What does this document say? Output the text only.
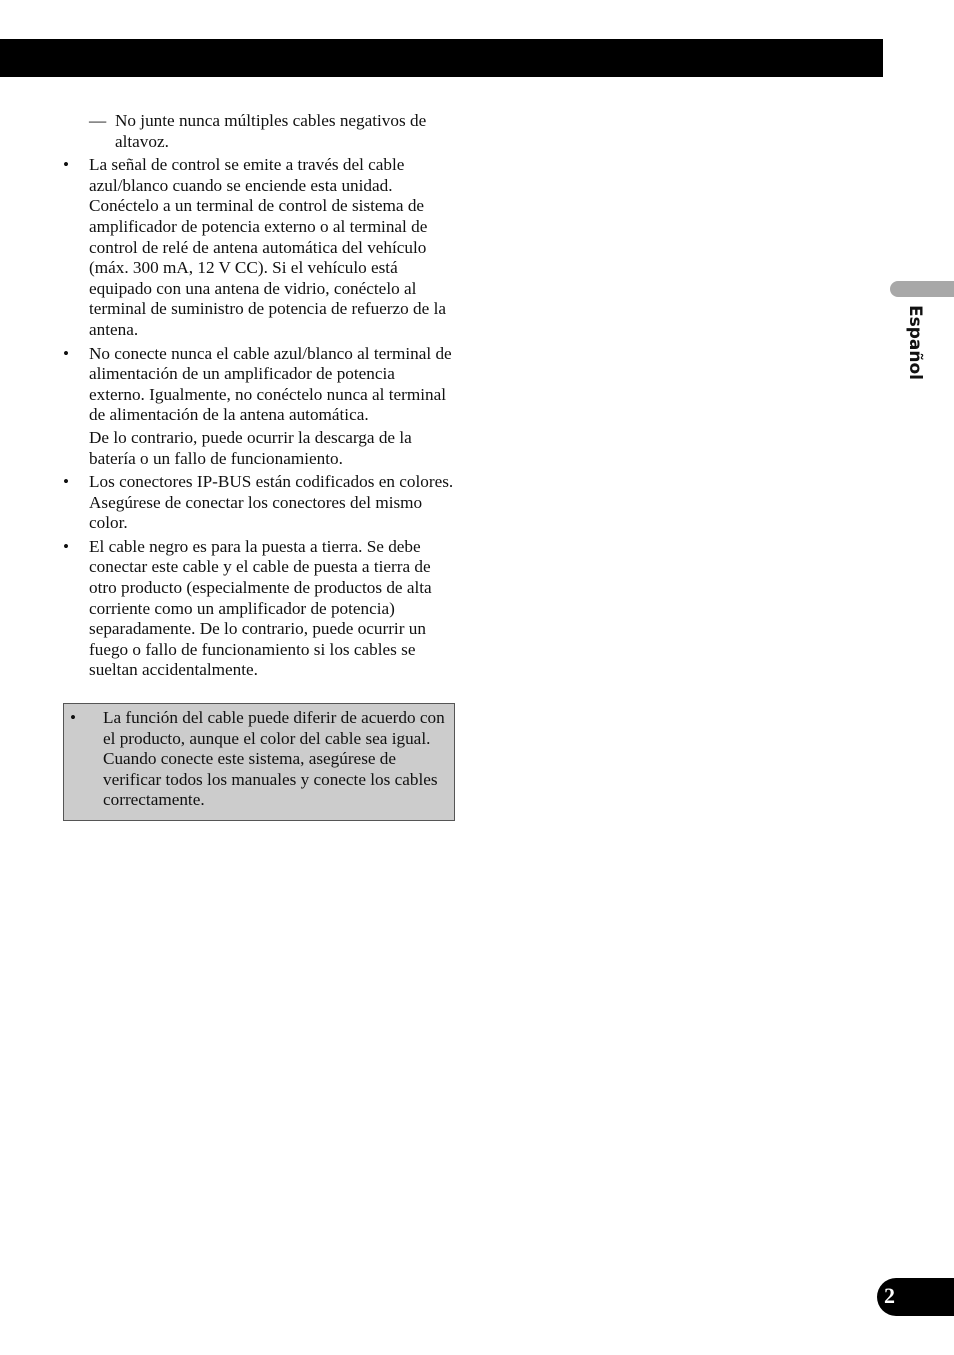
— No junte nunca múltiples cables negativos de altavoz.
• La señal de control se emite a través del cable azul/blanco cuando se enciende esta unidad. Conéctelo a un terminal de control de sistema de amplificador de potencia externo o al terminal de control de relé de antena automática del vehículo (máx. 300 mA, 12 V CC). Si el vehículo está equipado con una antena de vidrio, conéctelo al terminal de suministro de potencia de refuerzo de la antena.

• No conecte nunca el cable azul/blanco al terminal de alimentación de un amplificador de potencia externo. Igualmente, no conéctelo nunca al terminal de alimentación de la antena automática.

De lo contrario, puede ocurrir la descarga de la batería o un fallo de funcionamiento.

• Los conectores IP-BUS están codificados en colores. Asegúrese de conectar los conectores del mismo color.

• El cable negro es para la puesta a tierra. Se debe conectar este cable y el cable de puesta a tierra de otro producto (especialmente de productos de alta corriente como un amplificador de potencia) separadamente. De lo contrario, puede ocurrir un fuego o fallo de funcionamiento si los cables se sueltan accidentalmente.

• La función del cable puede diferir de acuerdo con el producto, aunque el color del cable sea igual. Cuando conecte este sistema, asegúrese de verificar todos los manuales y conecte los cables correctamente.

Español
2
